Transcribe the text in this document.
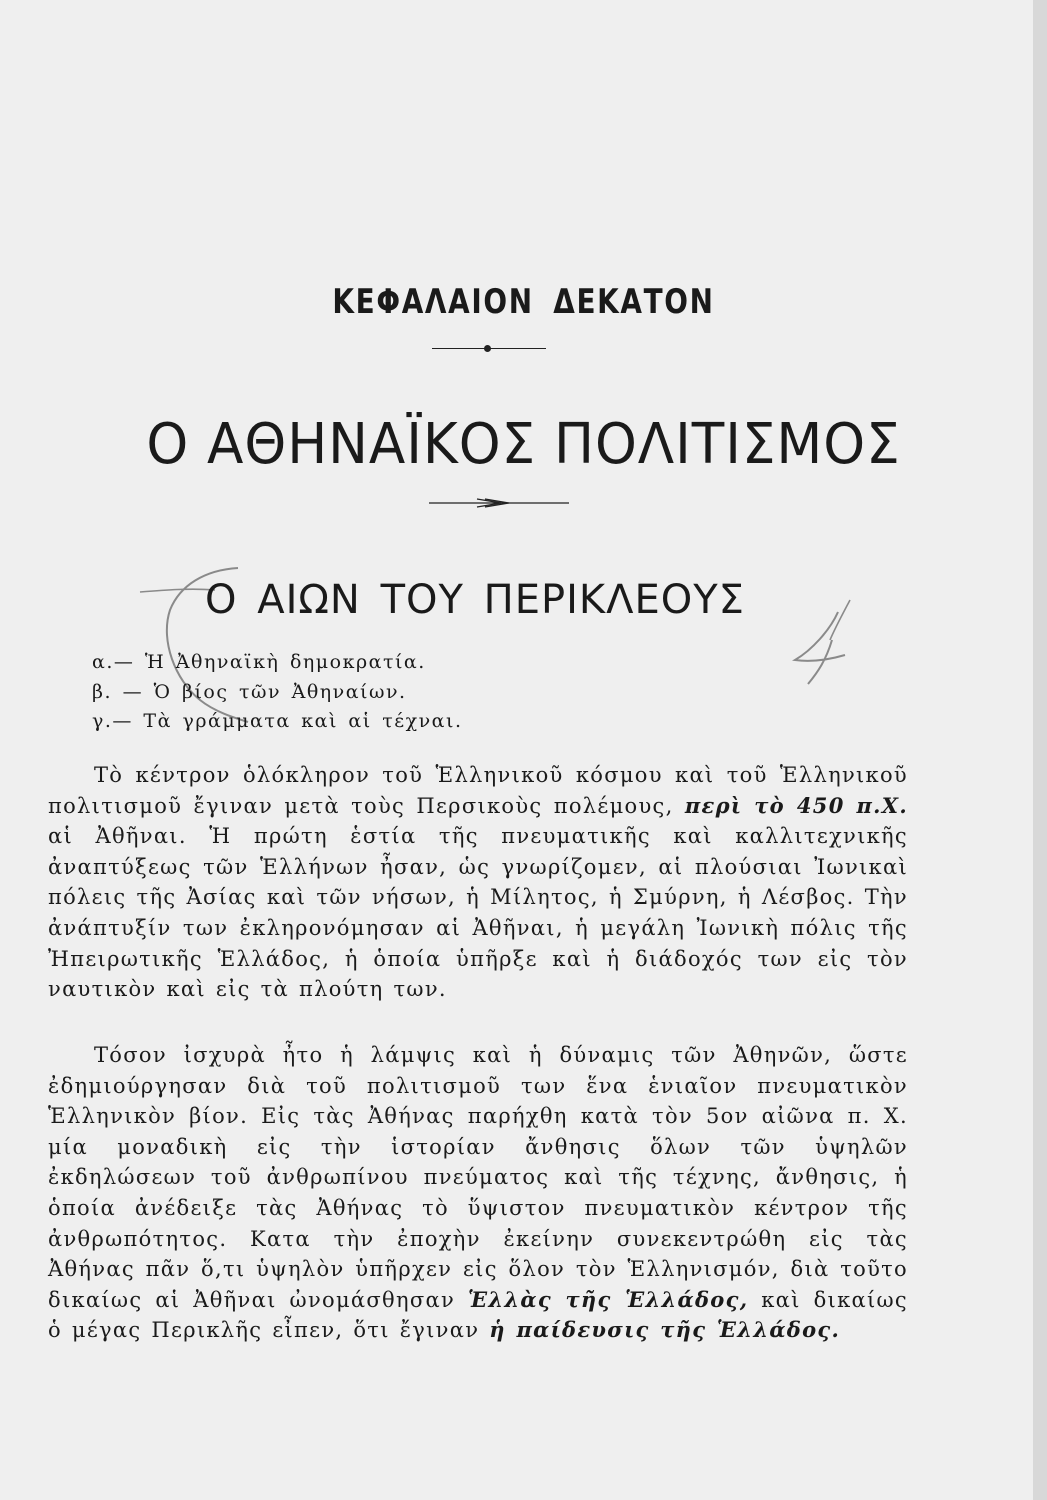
ΚΕΦΑΛΑΙΟΝ ΔΕΚΑΤΟΝ
Ο ΑΘΗΝΑΪΚΟΣ ΠΟΛΙΤΙΣΜΟΣ
Ο ΑΙΩΝ ΤΟΥ ΠΕΡΙΚΛΕΟΥΣ
α.— Ἡ Ἀθηναϊκὴ δημοκρατία.
β. — Ὁ βίος τῶν Ἀθηναίων.
γ.— Τὰ γράμματα καὶ αἱ τέχναι.
Τὸ κέντρον ὁλόκληρον τοῦ Ἑλληνικοῦ κόσμου καὶ τοῦ Ἑλληνικοῦ πολιτισμοῦ ἔγιναν μετὰ τοὺς Περσικοὺς πολέμους, περὶ τὸ 450 π.Χ. αἱ Ἀθῆναι. Ἡ πρώτη ἑστία τῆς πνευματικῆς καὶ καλλιτεχνικῆς ἀναπτύξεως τῶν Ἑλλήνων ἦσαν, ὡς γνωρίζομεν, αἱ πλούσιαι Ἰωνικαὶ πόλεις τῆς Ἀσίας καὶ τῶν νήσων, ἡ Μίλητος, ἡ Σμύρνη, ἡ Λέσβος. Τὴν ἀνάπτυξίν των ἐκληρονόμησαν αἱ Ἀθῆναι, ἡ μεγάλη Ἰωνικὴ πόλις τῆς Ἠπειρωτικῆς Ἑλλάδος, ἡ ὁποία ὑπῆρξε καὶ ἡ διάδοχός των εἰς τὸν ναυτικὸν καὶ εἰς τὰ πλούτη των.
Τόσον ἰσχυρὰ ἦτο ἡ λάμψις καὶ ἡ δύναμις τῶν Ἀθηνῶν, ὥστε ἐδημιούργησαν διὰ τοῦ πολιτισμοῦ των ἕνα ἑνιαῖον πνευματικὸν Ἑλληνικὸν βίον. Εἰς τὰς Ἀθήνας παρήχθη κατὰ τὸν 5ον αἰῶνα π. Χ. μία μοναδικὴ εἰς τὴν ἱστορίαν ἄνθησις ὅλων τῶν ὑψηλῶν ἐκδηλώσεων τοῦ ἀνθρωπίνου πνεύματος καὶ τῆς τέχνης, ἄνθησις, ἡ ὁποία ἀνέδειξε τὰς Ἀθήνας τὸ ὕψιστον πνευματικὸν κέντρον τῆς ἀνθρωπότητος. Κατα τὴν ἐποχὴν ἐκείνην συνεκεντρώθη εἰς τὰς Ἀθήνας πᾶν ὅ,τι ὑψηλὸν ὑπῆρχεν εἰς ὅλον τὸν Ἑλληνισμόν, διὰ τοῦτο δικαίως αἱ Ἀθῆναι ὠνομάσθησαν Ἑλλὰς τῆς Ἑλλάδος, καὶ δικαίως ὁ μέγας Περικλῆς εἶπεν, ὅτι ἔγιναν ἡ παίδευσις τῆς Ἑλλάδος.
